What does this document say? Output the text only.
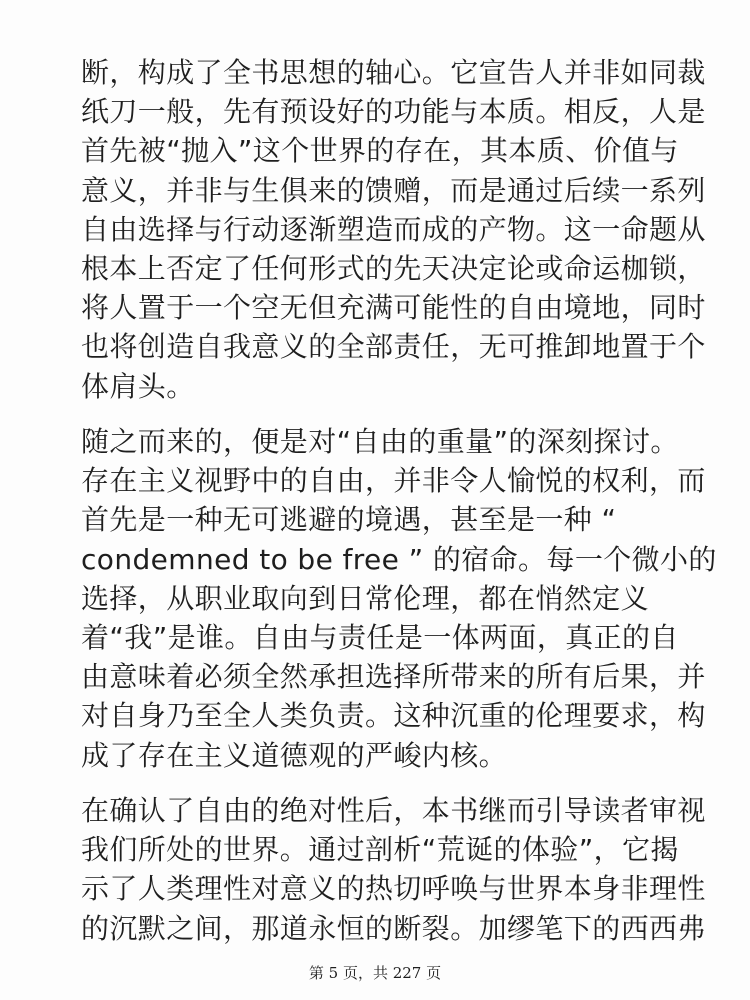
断，构成了全书思想的轴心。它宣告人并非如同裁
纸刀一般，先有预设好的功能与本质。相反，人是
首先被“抛入”这个世界的存在，其本质、价值与
意义，并非与生俱来的馈赠，而是通过后续一系列
自由选择与行动逐渐塑造而成的产物。这一命题从
根本上否定了任何形式的先天决定论或命运枷锁，
将人置于一个空无但充满可能性的自由境地，同时
也将创造自我意义的全部责任，无可推卸地置于个
体肩头。
随之而来的，便是对“自由的重量”的深刻探讨。
存在主义视野中的自由，并非令人愉悦的权利，而
首先是一种无可逃避的境遇，甚至是一种 “
condemned to be free ” 的宿命。每一个微小的
选择，从职业取向到日常伦理，都在悄然定义
着“我”是谁。自由与责任是一体两面，真正的自
由意味着必须全然承担选择所带来的所有后果，并
对自身乃至全人类负责。这种沉重的伦理要求，构
成了存在主义道德观的严峻内核。
在确认了自由的绝对性后，本书继而引导读者审视
我们所处的世界。通过剖析“荒诞的体验”，它揭
示了人类理性对意义的热切呼唤与世界本身非理性
的沉默之间，那道永恒的断裂。加缪笔下的西西弗
第 5 页，共 227 页
